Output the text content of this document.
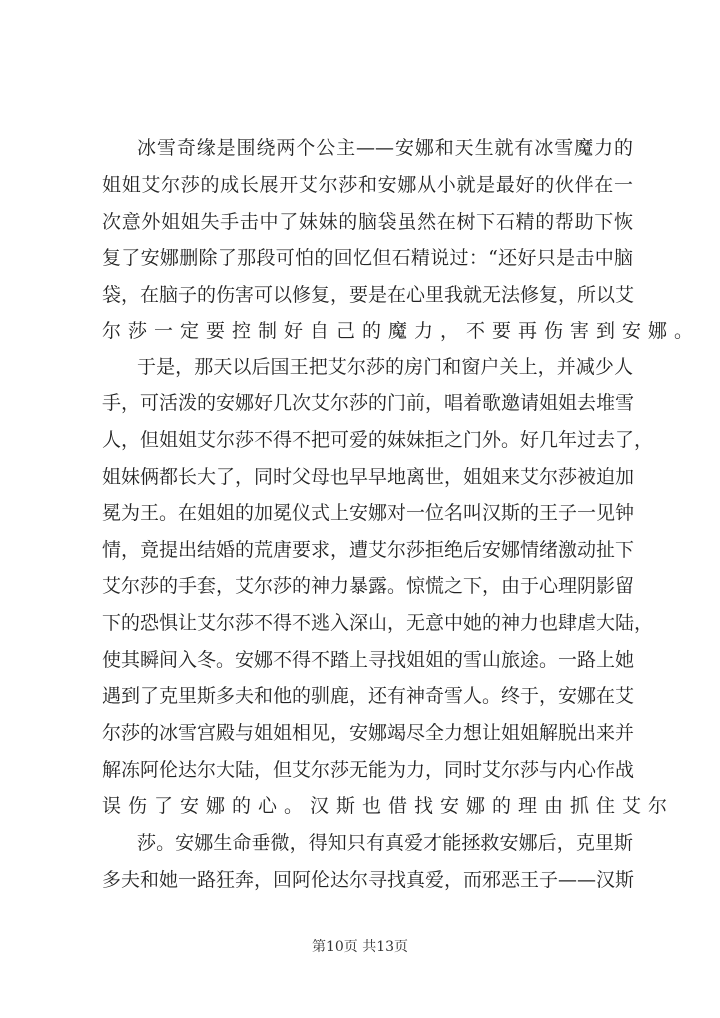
冰雪奇缘是围绕两个公主——安娜和天生就有冰雪魔力的
姐姐艾尔莎的成长展开艾尔莎和安娜从小就是最好的伙伴在一
次意外姐姐失手击中了妹妹的脑袋虽然在树下石精的帮助下恢
复了安娜删除了那段可怕的回忆但石精说过：“还好只是击中脑
袋，在脑子的伤害可以修复，要是在心里我就无法修复，所以艾
尔莎一定要控制好自己的魔力，不要再伤害到安娜。
于是，那天以后国王把艾尔莎的房门和窗户关上，并减少人
手，可活泼的安娜好几次艾尔莎的门前，唱着歌邀请姐姐去堆雪
人，但姐姐艾尔莎不得不把可爱的妹妹拒之门外。好几年过去了，
姐妹俩都长大了，同时父母也早早地离世，姐姐来艾尔莎被迫加
冕为王。在姐姐的加冕仪式上安娜对一位名叫汉斯的王子一见钟
情，竟提出结婚的荒唐要求，遭艾尔莎拒绝后安娜情绪激动扯下
艾尔莎的手套，艾尔莎的神力暴露。惊慌之下，由于心理阴影留
下的恐惧让艾尔莎不得不逃入深山，无意中她的神力也肆虐大陆，
使其瞬间入冬。安娜不得不踏上寻找姐姐的雪山旅途。一路上她
遇到了克里斯多夫和他的驯鹿，还有神奇雪人。终于，安娜在艾
尔莎的冰雪宫殿与姐姐相见，安娜竭尽全力想让姐姐解脱出来并
解冻阿伦达尔大陆，但艾尔莎无能为力，同时艾尔莎与内心作战
误伤了安娜的心。汉斯也借找安娜的理由抓住艾尔
莎。安娜生命垂微，得知只有真爱才能拯救安娜后，克里斯
多夫和她一路狂奔，回阿伦达尔寻找真爱，而邪恶王子——汉斯
第10页 共13页
